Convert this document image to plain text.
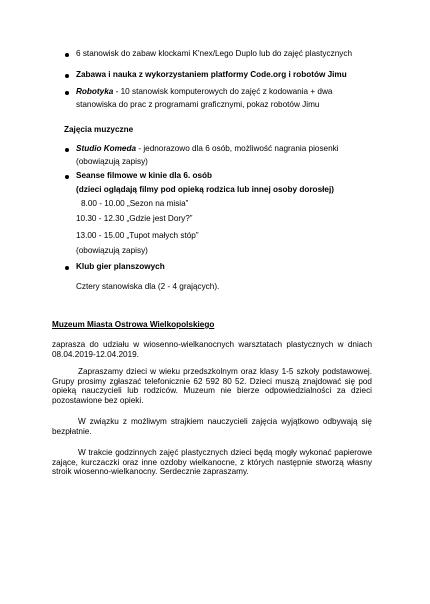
6 stanowisk do zabaw klockami K'nex/Lego Duplo lub do zajęć plastycznych
Zabawa i nauka z wykorzystaniem platformy Code.org i robotów Jimu
Robotyka - 10 stanowisk komputerowych do zajęć z kodowania + dwa
stanowiska do prac z programami graficznymi, pokaz robotów Jimu
Zajęcia muzyczne
Studio Komeda - jednorazowo dla 6 osób, możliwość nagrania piosenki
(obowiązują zapisy)
Seanse filmowe w kinie dla 6. osób
(dzieci oglądają filmy pod opieką rodzica lub innej osoby dorosłej)
8.00 - 10.00 „Sezon na misia”
10.30 - 12.30 „Gdzie jest Dory?”
13.00 - 15.00 „Tupot małych stóp”
(obowiązują zapisy)
Klub gier planszowych
Cztery stanowiska dla (2 - 4 grających).
Muzeum Miasta Ostrowa Wielkopolskiego
zaprasza do udziału w wiosenno-wielkanocnych warsztatach plastycznych w dniach 08.04.2019-12.04.2019.
Zapraszamy dzieci w wieku przedszkolnym oraz klasy 1-5 szkoły podstawowej. Grupy prosimy zgłaszać telefonicznie 62 592 80 52. Dzieci muszą znajdować się pod opieką nauczycieli lub rodziców. Muzeum nie bierze odpowiedzialności za dzieci pozostawione bez opieki.
W związku z możliwym strajkiem nauczycieli zajęcia wyjątkowo odbywają się bezpłatnie.
W trakcie godzinnych zajęć plastycznych dzieci będą mogły wykonać papierowe zające, kurczaczki oraz inne ozdoby wielkanocne, z których następnie stworzą własny stroik wiosenno-wielkanocny. Serdecznie zapraszamy.
